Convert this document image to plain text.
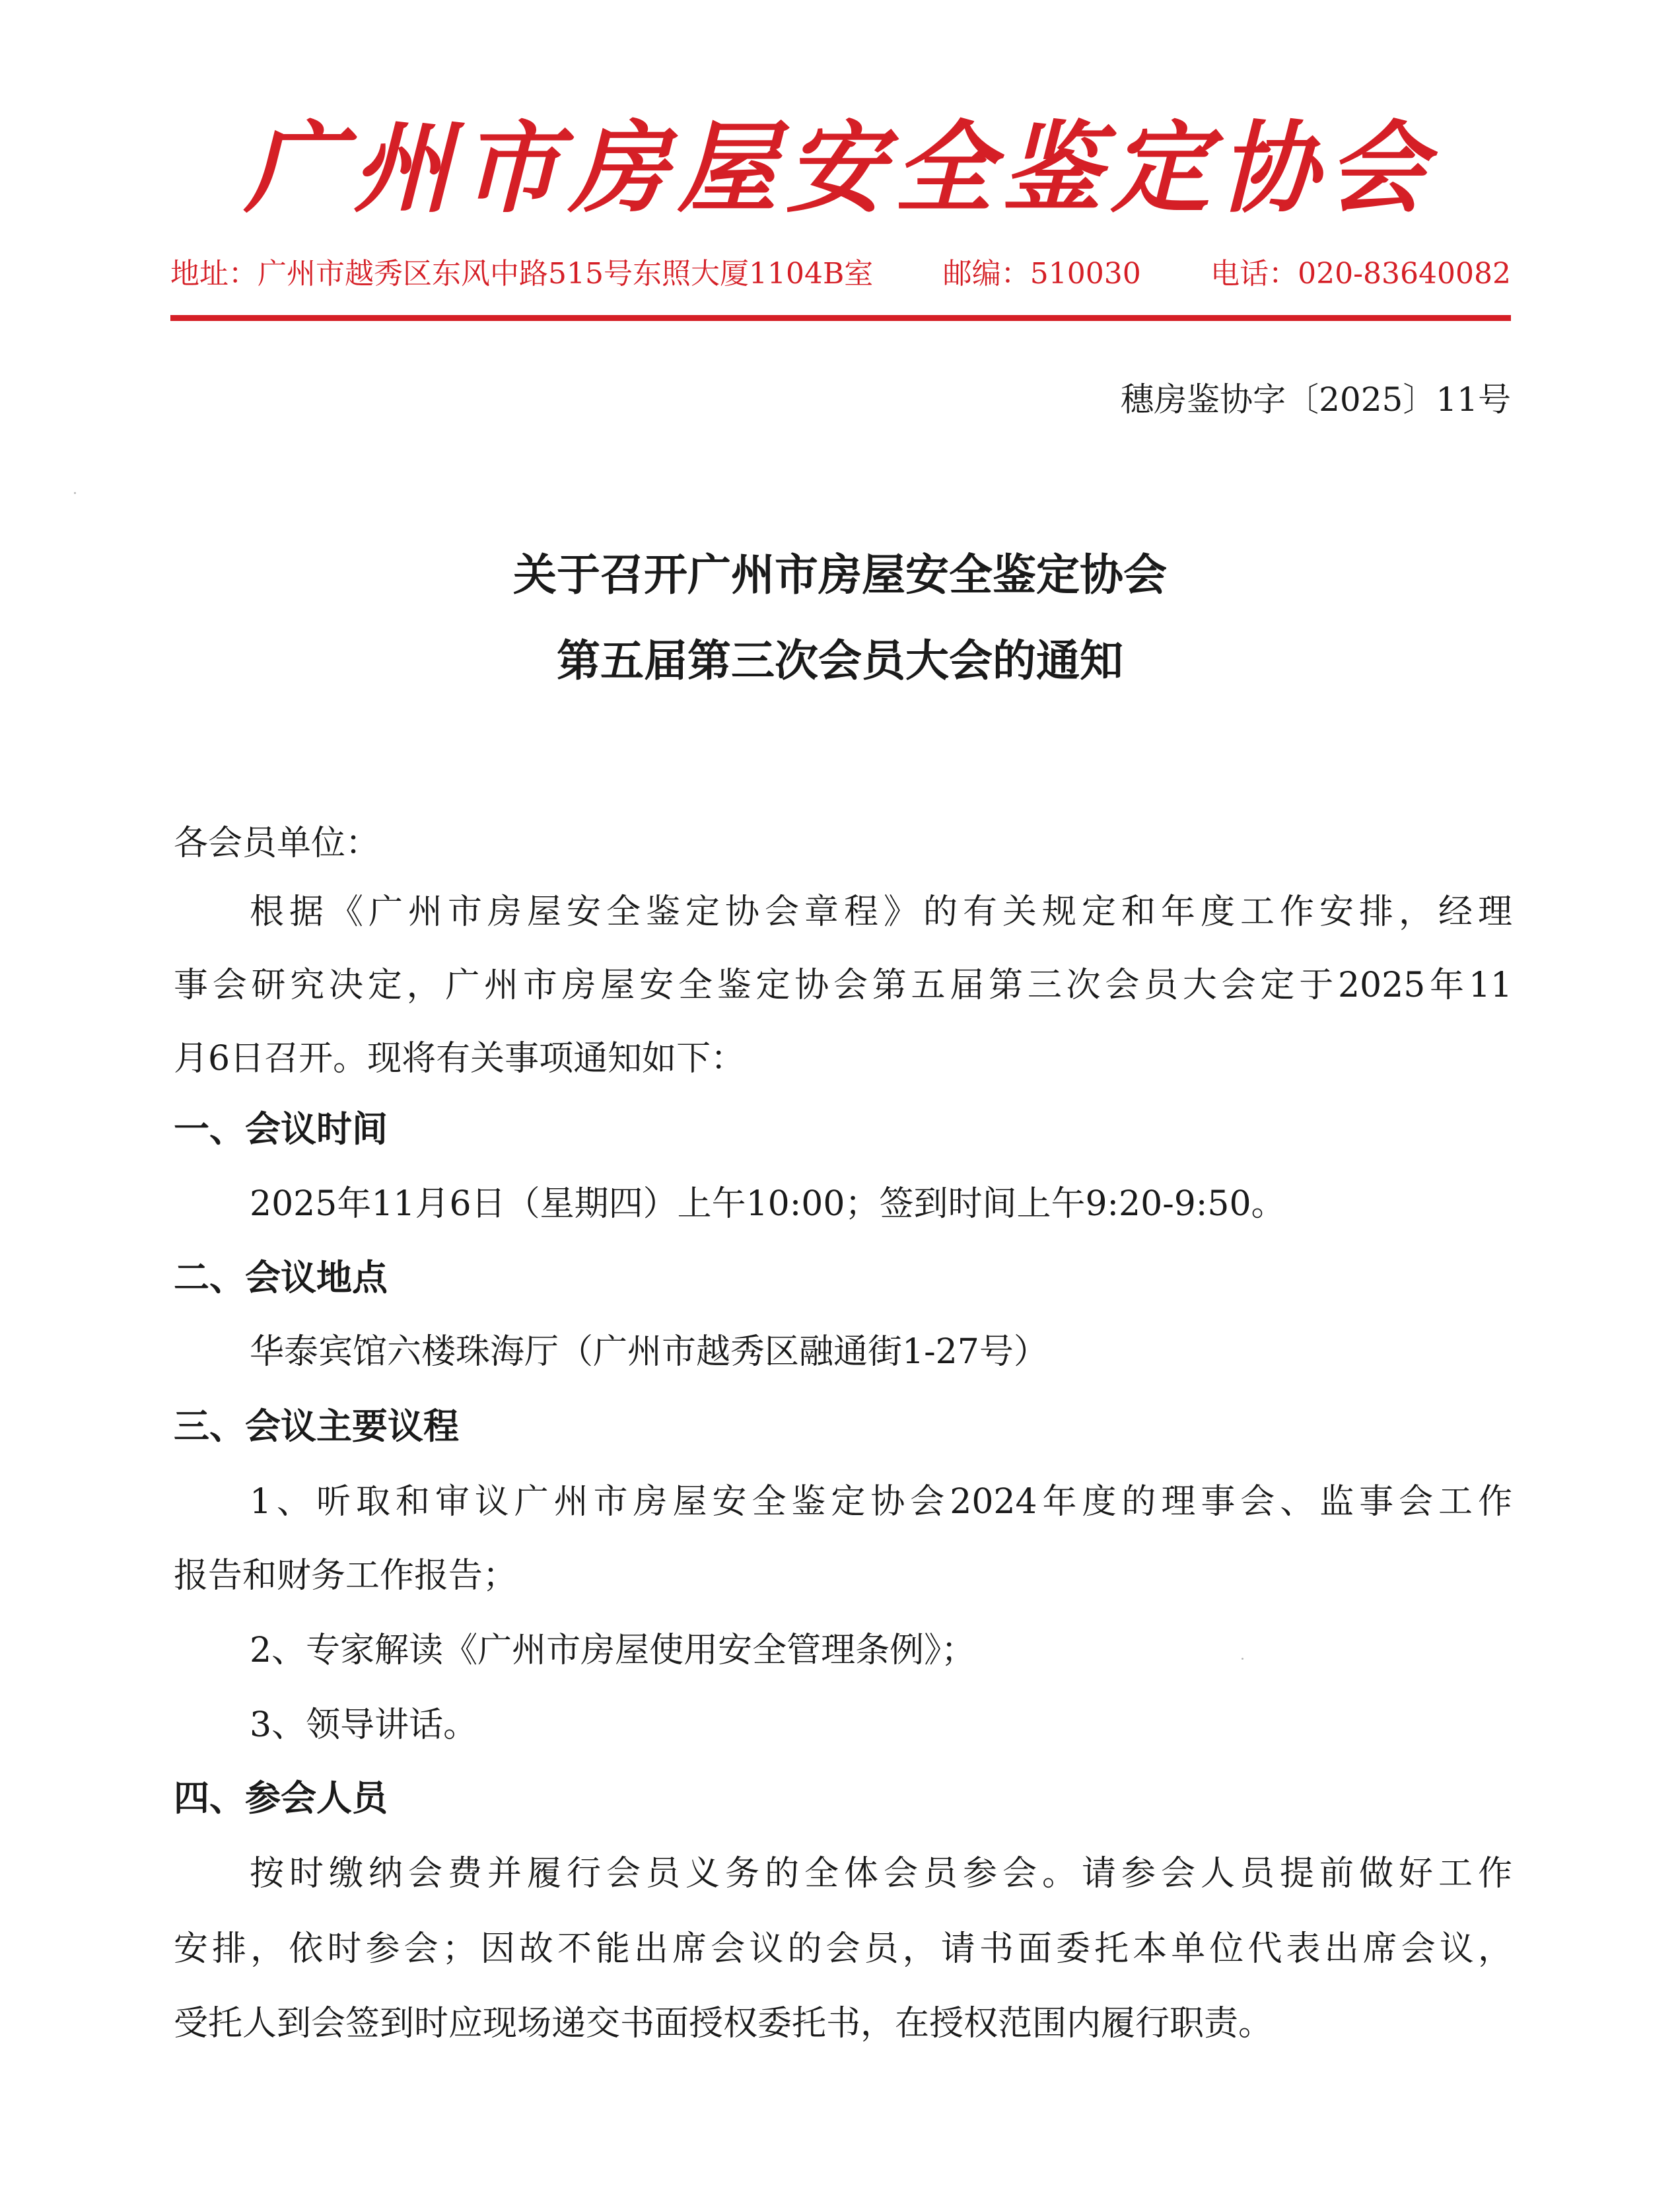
广州市房屋安全鉴定协会
地址：广州市越秀区东风中路515号东照大厦1104B室 邮编：510030 电话：020-83640082
穗房鉴协字〔2025〕11号
关于召开广州市房屋安全鉴定协会
第五届第三次会员大会的通知
各会员单位：
根据《广州市房屋安全鉴定协会章程》的有关规定和年度工作安排，经理
事会研究决定，广州市房屋安全鉴定协会第五届第三次会员大会定于2025年11
月6日召开。现将有关事项通知如下：
一、会议时间
2025年11月6日（星期四）上午10:00；签到时间上午9:20-9:50。
二、会议地点
华泰宾馆六楼珠海厅（广州市越秀区融通街1-27号）
三、会议主要议程
1、听取和审议广州市房屋安全鉴定协会2024年度的理事会、监事会工作
报告和财务工作报告；
2、专家解读《广州市房屋使用安全管理条例》；
3、领导讲话。
四、参会人员
按时缴纳会费并履行会员义务的全体会员参会。请参会人员提前做好工作
安排，依时参会；因故不能出席会议的会员，请书面委托本单位代表出席会议，
受托人到会签到时应现场递交书面授权委托书，在授权范围内履行职责。
